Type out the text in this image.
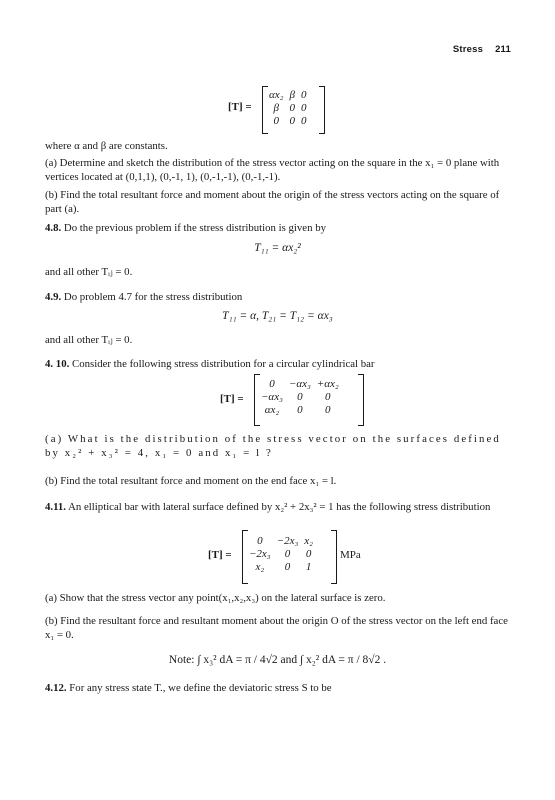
Stress 211
[T] =
αx₂	β	0
β	0	0
0	0	0
where α and β are constants.
(a) Determine and sketch the distribution of the stress vector acting on the square in the x₁ = 0 plane with vertices located at (0,1,1), (0,-1, 1), (0,-1,-1), (0,-1,-1).
(b) Find the total resultant force and moment about the origin of the stress vectors acting on the square of part (a).
4.8. Do the previous problem if the stress distribution is given by
T₁₁ = αx₂²
and all other Tᵢⱼ = 0.
4.9. Do problem 4.7 for the stress distribution
T₁₁ = α, T₂₁ = T₁₂ = αx₃
and all other Tᵢⱼ = 0.
4. 10. Consider the following stress distribution for a circular cylindrical bar
[T] =
0	−αx₃	+αx₂
−αx₃	0	0
αx₂	0	0
(a) What is the distribution of the stress vector on the surfaces defined by x₂² + x₃² = 4, x₁ = 0 and x₁ = l ?
(b) Find the total resultant force and moment on the end face x₁ = l.
4.11. An elliptical bar with lateral surface defined by x₂² + 2x₃² = 1 has the following stress distribution
[T] =
0	−2x₃	x₂
−2x₃	0	0
x₂	0	1
MPa
(a) Show that the stress vector any point(x₁,x₂,x₃) on the lateral surface is zero.
(b) Find the resultant force and resultant moment about the origin O of the stress vector on the left end face x₁ = 0.
Note: ∫ x₃² dA = π / 4√2 and ∫ x₂² dA = π / 8√2 .
4.12. For any stress state T., we define the deviatoric stress S to be
